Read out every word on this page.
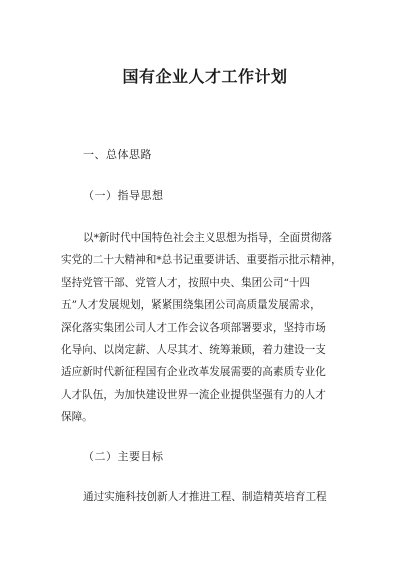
国有企业人才工作计划
一、总体思路
（一）指导思想
以*新时代中国特色社会主义思想为指导，全面贯彻落
实党的二十大精神和*总书记重要讲话、重要指示批示精神，
坚持党管干部、党管人才，按照中央、集团公司“十四
五”人才发展规划，紧紧围绕集团公司高质量发展需求，
深化落实集团公司人才工作会议各项部署要求，坚持市场
化导向、以岗定薪、人尽其才、统筹兼顾，着力建设一支
适应新时代新征程国有企业改革发展需要的高素质专业化
人才队伍，为加快建设世界一流企业提供坚强有力的人才
保障。
（二）主要目标
通过实施科技创新人才推进工程、制造精英培育工程
